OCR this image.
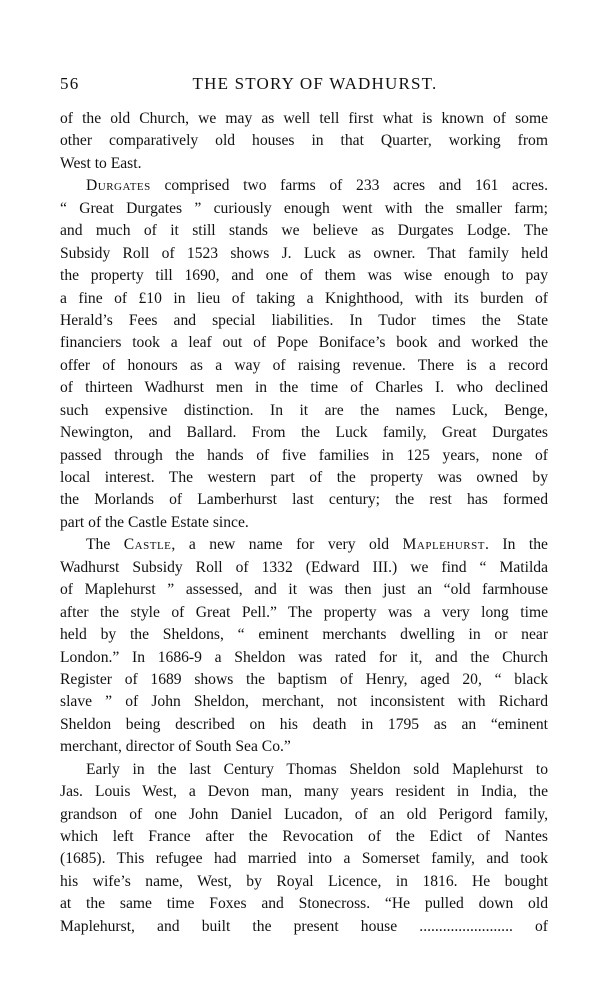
56	THE STORY OF WADHURST.
of the old Church, we may as well tell first what is known of some
other comparatively old houses in that Quarter, working from
West to East.
Durgates comprised two farms of 233 acres and 161 acres.
“ Great Durgates ” curiously enough went with the smaller farm;
and much of it still stands we believe as Durgates Lodge. The
Subsidy Roll of 1523 shows J. Luck as owner. That family held
the property till 1690, and one of them was wise enough to pay
a fine of £10 in lieu of taking a Knighthood, with its burden of
Herald’s Fees and special liabilities. In Tudor times the State
financiers took a leaf out of Pope Boniface’s book and worked the
offer of honours as a way of raising revenue. There is a record
of thirteen Wadhurst men in the time of Charles I. who declined
such expensive distinction. In it are the names Luck, Benge,
Newington, and Ballard. From the Luck family, Great Durgates
passed through the hands of five families in 125 years, none of
local interest. The western part of the property was owned by
the Morlands of Lamberhurst last century; the rest has formed
part of the Castle Estate since.
The Castle, a new name for very old Maplehurst. In the
Wadhurst Subsidy Roll of 1332 (Edward III.) we find “ Matilda
of Maplehurst ” assessed, and it was then just an “old farmhouse
after the style of Great Pell.” The property was a very long time
held by the Sheldons, “ eminent merchants dwelling in or near
London.” In 1686-9 a Sheldon was rated for it, and the Church
Register of 1689 shows the baptism of Henry, aged 20, “ black
slave ” of John Sheldon, merchant, not inconsistent with Richard
Sheldon being described on his death in 1795 as an “eminent
merchant, director of South Sea Co.”
Early in the last Century Thomas Sheldon sold Maplehurst to
Jas. Louis West, a Devon man, many years resident in India, the
grandson of one John Daniel Lucadon, of an old Perigord family,
which left France after the Revocation of the Edict of Nantes
(1685). This refugee had married into a Somerset family, and took
his wife’s name, West, by Royal Licence, in 1816. He bought
at the same time Foxes and Stonecross. “He pulled down old
Maplehurst, and built the present house ........................ of
